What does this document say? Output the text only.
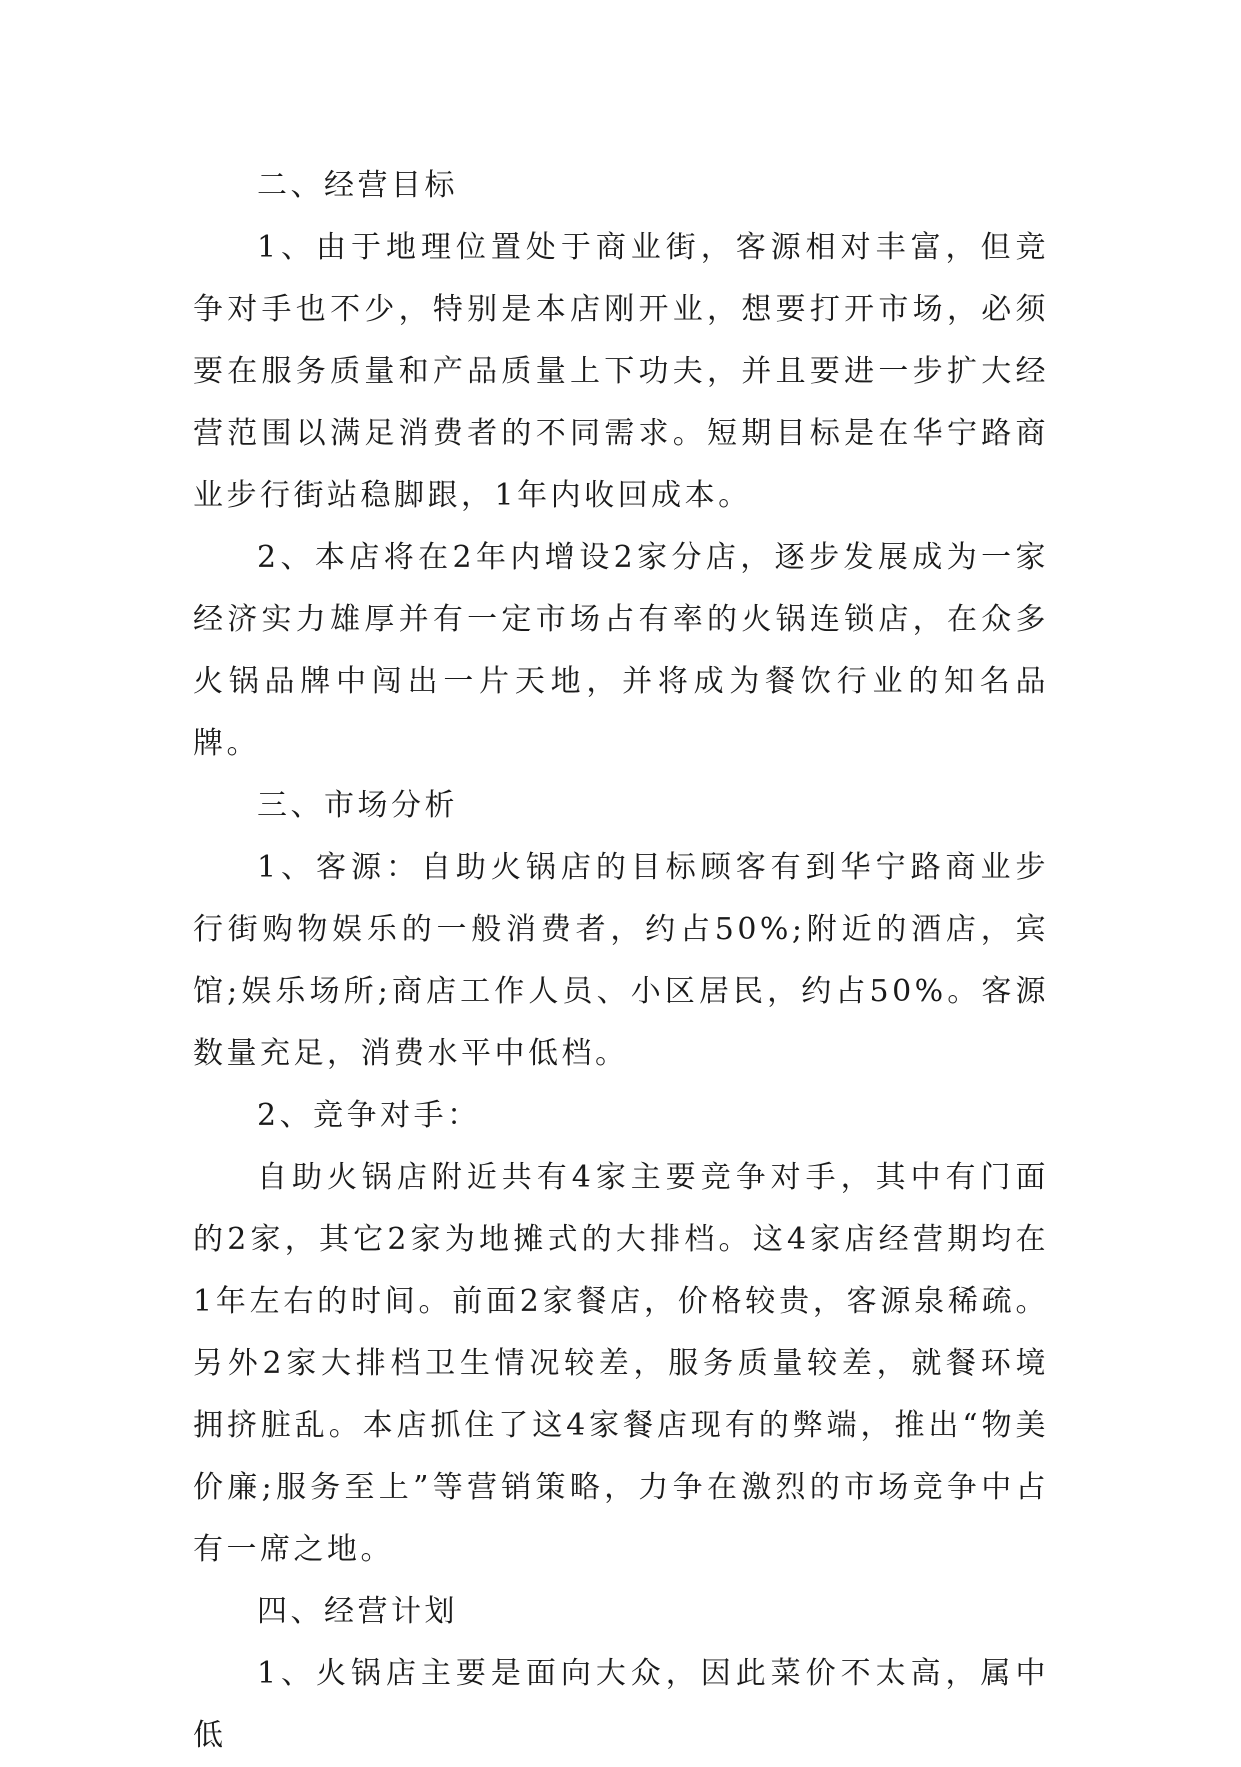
二、经营目标

1、由于地理位置处于商业街，客源相对丰富，但竞争对手也不少，特别是本店刚开业，想要打开市场，必须要在服务质量和产品质量上下功夫，并且要进一步扩大经营范围以满足消费者的不同需求。短期目标是在华宁路商业步行街站稳脚跟，1年内收回成本。

2、本店将在2年内增设2家分店，逐步发展成为一家经济实力雄厚并有一定市场占有率的火锅连锁店，在众多火锅品牌中闯出一片天地，并将成为餐饮行业的知名品牌。

三、市场分析

1、客源：自助火锅店的目标顾客有到华宁路商业步行街购物娱乐的一般消费者，约占50%;附近的酒店，宾馆;娱乐场所;商店工作人员、小区居民，约占50%。客源数量充足，消费水平中低档。

2、竞争对手：

自助火锅店附近共有4家主要竞争对手，其中有门面的2家，其它2家为地摊式的大排档。这4家店经营期均在1年左右的时间。前面2家餐店，价格较贵，客源泉稀疏。另外2家大排档卫生情况较差，服务质量较差，就餐环境拥挤脏乱。本店抓住了这4家餐店现有的弊端，推出“物美价廉;服务至上”等营销策略，力争在激烈的市场竞争中占有一席之地。

四、经营计划

1、火锅店主要是面向大众，因此菜价不太高，属中低
